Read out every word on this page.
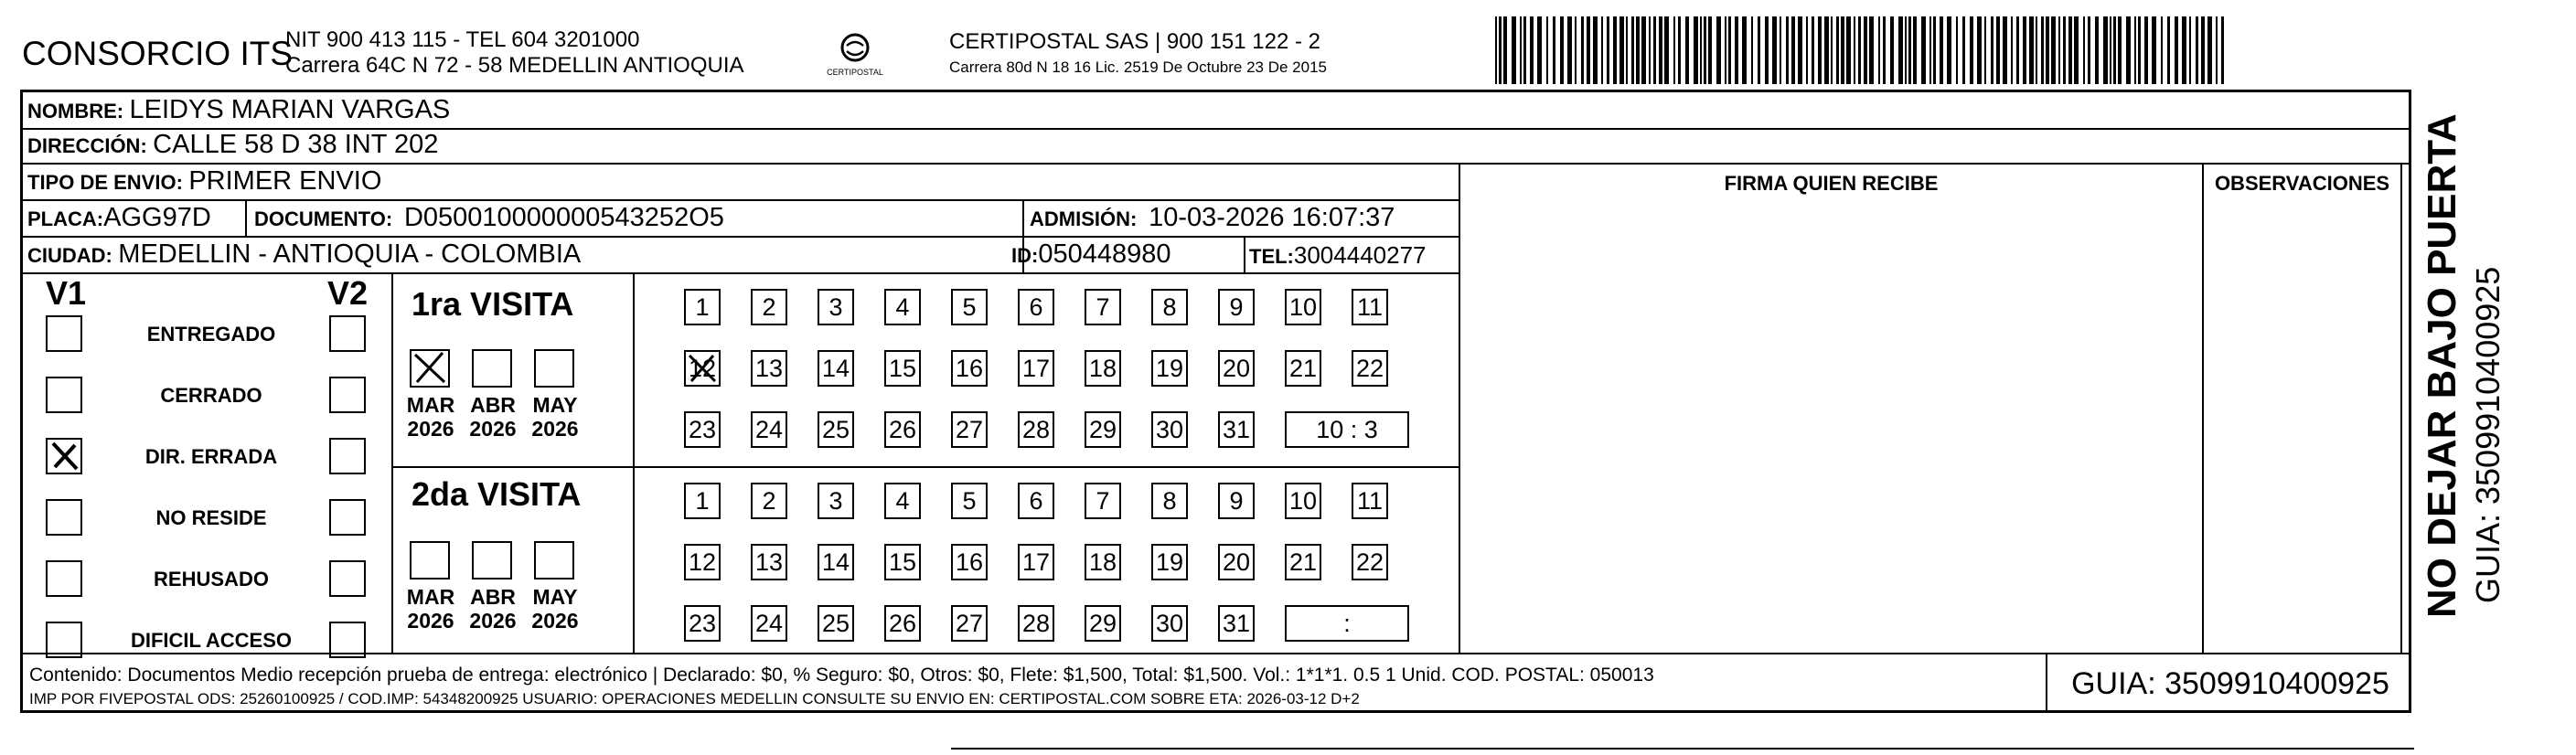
CONSORCIO ITS
NIT 900 413 115 - TEL 604 3201000
Carrera 64C N 72 - 58 MEDELLIN ANTIOQUIA	CERTIPOSTAL
CERTIPOSTAL SAS | 900 151 122 - 2
Carrera 80d N 18 16 Lic. 2519 De Octubre 23 De 2015
NOMBRE: LEIDYS MARIAN VARGAS
DIRECCIÓN: CALLE 58 D 38 INT 202
TIPO DE ENVIO: PRIMER ENVIO
PLACA:AGG97D DOCUMENTO: D050010000000543252O5	ADMISIÓN: 10-03-2026 16:07:37
CIUDAD: MEDELLIN - ANTIOQUIA - COLOMBIA	ID:050448980	TEL:3004440277
FIRMA QUIEN RECIBE	OBSERVACIONES
V1	V2 1ra VISITA
2da VISITA	NO DEJAR BAJO PUERTA GUIA: 3509910400925
Contenido: Documentos Medio recepción prueba de entrega: electrónico | Declarado: $0, % Seguro: $0, Otros: $0, Flete: $1,500, Total: $1,500. Vol.: 1*1*1. 0.5 1 Unid. COD. POSTAL: 050013
IMP POR FIVEPOSTAL ODS: 25260100925 / COD.IMP: 54348200925 USUARIO: OPERACIONES MEDELLIN CONSULTE SU ENVIO EN: CERTIPOSTAL.COM SOBRE ETA: 2026-03-12 D+2	GUIA: 3509910400925
ENTREGADO
CERRADO
DIR. ERRADA
NO RESIDE
REHUSADO
DIFICIL ACCESO
MAR
2026
ABR
2026
MAY
2026
MAR
2026
ABR
2026
MAY
2026
1	2	3	4	5	6	7	8	9	10 11
12 13 14 15 16 17 18 19 20 21 22
23 24 25 26 27 28 29 30 31	10 : 3
1	2	3	4	5	6	7	8	9	10 11
12 13 14 15 16 17 18 19 20 21 22
23 24 25 26 27 28 29 30 31	:
